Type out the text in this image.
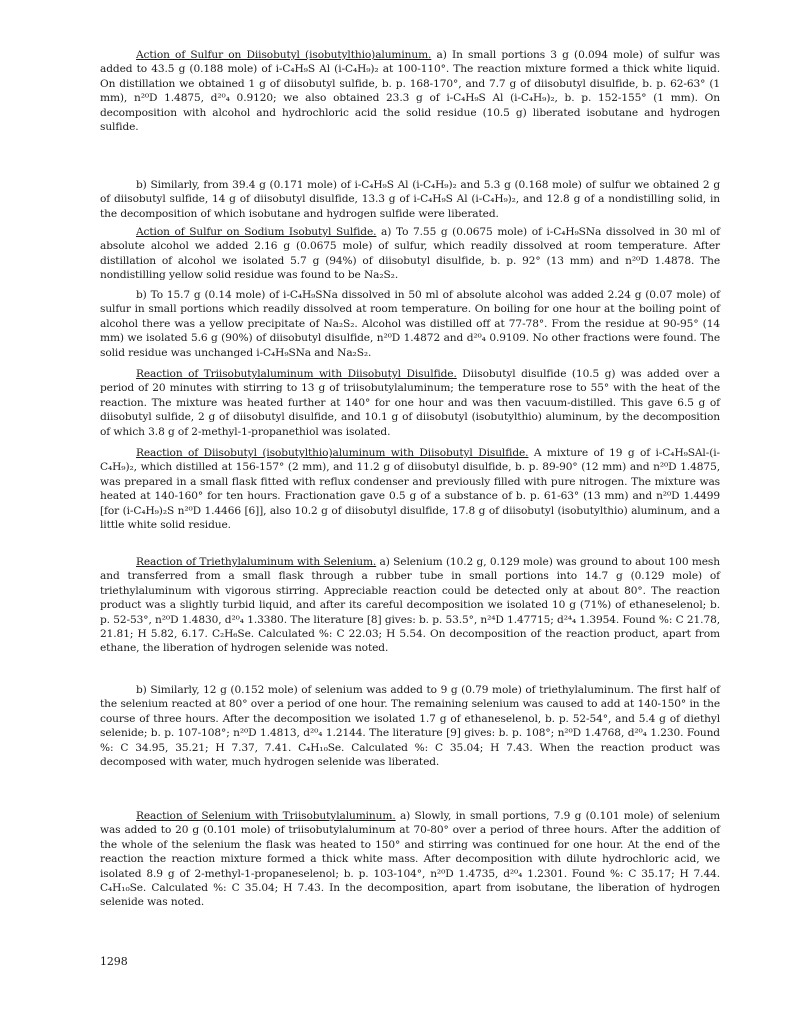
Action of Sulfur on Diisobutyl (isobutylthio)aluminum. a) In small portions 3 g (0.094 mole) of sulfur was added to 43.5 g (0.188 mole) of i-C₄H₉S Al (i-C₄H₉)₂ at 100-110°. The reaction mixture formed a thick white liquid. On distillation we obtained 1 g of diisobutyl sulfide, b. p. 168-170°, and 7.7 g of diisobutyl disulfide, b. p. 62-63° (1 mm), n²⁰D 1.4875, d²⁰₄ 0.9120; we also obtained 23.3 g of i-C₄H₉S Al (i-C₄H₉)₂, b. p. 152-155° (1 mm). On decomposition with alcohol and hydrochloric acid the solid residue (10.5 g) liberated isobutane and hydrogen sulfide.

b) Similarly, from 39.4 g (0.171 mole) of i-C₄H₉S Al (i-C₄H₉)₂ and 5.3 g (0.168 mole) of sulfur we obtained 2 g of diisobutyl sulfide, 14 g of diisobutyl disulfide, 13.3 g of i-C₄H₉S Al (i-C₄H₉)₂, and 12.8 g of a nondistilling solid, in the decomposition of which isobutane and hydrogen sulfide were liberated.

Action of Sulfur on Sodium Isobutyl Sulfide. a) To 7.55 g (0.0675 mole) of i-C₄H₉SNa dissolved in 30 ml of absolute alcohol we added 2.16 g (0.0675 mole) of sulfur, which readily dissolved at room temperature. After distillation of alcohol we isolated 5.7 g (94%) of diisobutyl disulfide, b. p. 92° (13 mm) and n²⁰D 1.4878. The nondistilling yellow solid residue was found to be Na₂S₂.

b) To 15.7 g (0.14 mole) of i-C₄H₉SNa dissolved in 50 ml of absolute alcohol was added 2.24 g (0.07 mole) of sulfur in small portions which readily dissolved at room temperature. On boiling for one hour at the boiling point of alcohol there was a yellow precipitate of Na₂S₂. Alcohol was distilled off at 77-78°. From the residue at 90-95° (14 mm) we isolated 5.6 g (90%) of diisobutyl disulfide, n²⁰D 1.4872 and d²⁰₄ 0.9109. No other fractions were found. The solid residue was unchanged i-C₄H₉SNa and Na₂S₂.

Reaction of Triisobutylaluminum with Diisobutyl Disulfide. Diisobutyl disulfide (10.5 g) was added over a period of 20 minutes with stirring to 13 g of triisobutylaluminum; the temperature rose to 55° with the heat of the reaction. The mixture was heated further at 140° for one hour and was then vacuum-distilled. This gave 6.5 g of diisobutyl sulfide, 2 g of diisobutyl disulfide, and 10.1 g of diisobutyl (isobutylthio) aluminum, by the decomposition of which 3.8 g of 2-methyl-1-propanethiol was isolated.

Reaction of Diisobutyl (isobutylthio)aluminum with Diisobutyl Disulfide. A mixture of 19 g of i-C₄H₉SAl-(i-C₄H₉)₂, which distilled at 156-157° (2 mm), and 11.2 g of diisobutyl disulfide, b. p. 89-90° (12 mm) and n²⁰D 1.4875, was prepared in a small flask fitted with reflux condenser and previously filled with pure nitrogen. The mixture was heated at 140-160° for ten hours. Fractionation gave 0.5 g of a substance of b. p. 61-63° (13 mm) and n²⁰D 1.4499 [for (i-C₄H₉)₂S n²⁰D 1.4466 [6]], also 10.2 g of diisobutyl disulfide, 17.8 g of diisobutyl (isobutylthio) aluminum, and a little white solid residue.

Reaction of Triethylaluminum with Selenium. a) Selenium (10.2 g, 0.129 mole) was ground to about 100 mesh and transferred from a small flask through a rubber tube in small portions into 14.7 g (0.129 mole) of triethylaluminum with vigorous stirring. Appreciable reaction could be detected only at about 80°. The reaction product was a slightly turbid liquid, and after its careful decomposition we isolated 10 g (71%) of ethaneselenol; b. p. 52-53°, n²⁰D 1.4830, d²⁰₄ 1.3380. The literature [8] gives: b. p. 53.5°, n²⁴D 1.47715; d²⁴₄ 1.3954. Found %: C 21.78, 21.81; H 5.82, 6.17. C₂H₆Se. Calculated %: C 22.03; H 5.54. On decomposition of the reaction product, apart from ethane, the liberation of hydrogen selenide was noted.

b) Similarly, 12 g (0.152 mole) of selenium was added to 9 g (0.79 mole) of triethylaluminum. The first half of the selenium reacted at 80° over a period of one hour. The remaining selenium was caused to add at 140-150° in the course of three hours. After the decomposition we isolated 1.7 g of ethaneselenol, b. p. 52-54°, and 5.4 g of diethyl selenide; b. p. 107-108°; n²⁰D 1.4813, d²⁰₄ 1.2144. The literature [9] gives: b. p. 108°; n²⁰D 1.4768, d²⁰₄ 1.230. Found %: C 34.95, 35.21; H 7.37, 7.41. C₄H₁₀Se. Calculated %: C 35.04; H 7.43. When the reaction product was decomposed with water, much hydrogen selenide was liberated.

Reaction of Selenium with Triisobutylaluminum. a) Slowly, in small portions, 7.9 g (0.101 mole) of selenium was added to 20 g (0.101 mole) of triisobutylaluminum at 70-80° over a period of three hours. After the addition of the whole of the selenium the flask was heated to 150° and stirring was continued for one hour. At the end of the reaction the reaction mixture formed a thick white mass. After decomposition with dilute hydrochloric acid, we isolated 8.9 g of 2-methyl-1-propaneselenol; b. p. 103-104°, n²⁰D 1.4735, d²⁰₄ 1.2301. Found %: C 35.17; H 7.44. C₄H₁₀Se. Calculated %: C 35.04; H 7.43. In the decomposition, apart from isobutane, the liberation of hydrogen selenide was noted.

1298
